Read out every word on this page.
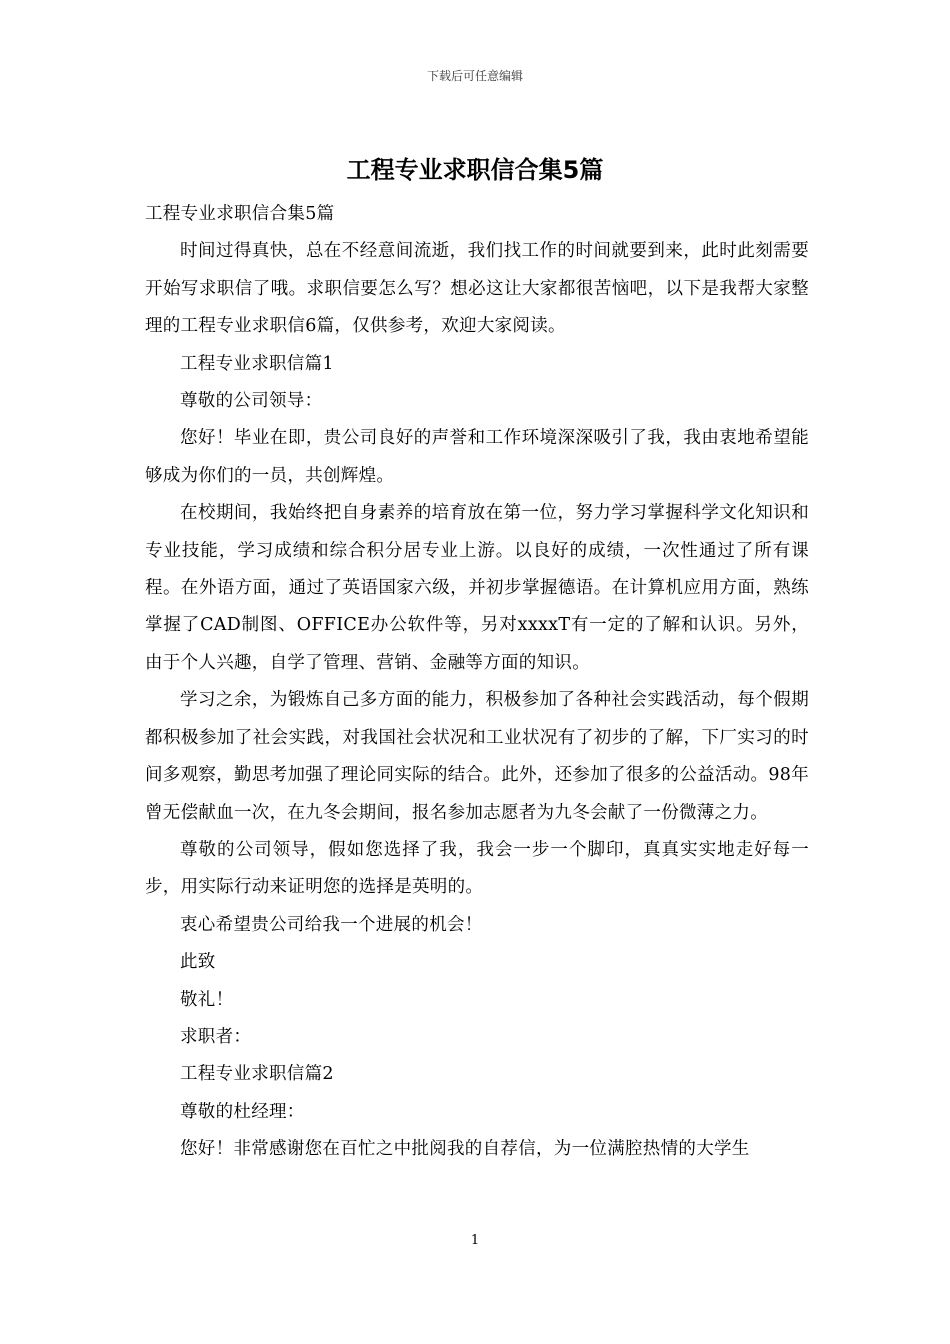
下载后可任意编辑
工程专业求职信合集5篇

工程专业求职信合集5篇

时间过得真快，总在不经意间流逝，我们找工作的时间就要到来，此时此刻需要开始写求职信了哦。求职信要怎么写？想必这让大家都很苦恼吧，以下是我帮大家整理的工程专业求职信6篇，仅供参考，欢迎大家阅读。

工程专业求职信篇1

尊敬的公司领导：

您好！毕业在即，贵公司良好的声誉和工作环境深深吸引了我，我由衷地希望能够成为你们的一员，共创辉煌。

在校期间，我始终把自身素养的培育放在第一位，努力学习掌握科学文化知识和专业技能，学习成绩和综合积分居专业上游。以良好的成绩，一次性通过了所有课程。在外语方面，通过了英语国家六级，并初步掌握德语。在计算机应用方面，熟练掌握了CAD制图、OFFICE办公软件等，另对xxxxT有一定的了解和认识。另外，由于个人兴趣，自学了管理、营销、金融等方面的知识。

学习之余，为锻炼自己多方面的能力，积极参加了各种社会实践活动，每个假期都积极参加了社会实践，对我国社会状况和工业状况有了初步的了解，下厂实习的时间多观察，勤思考加强了理论同实际的结合。此外，还参加了很多的公益活动。98年曾无偿献血一次，在九冬会期间，报名参加志愿者为九冬会献了一份微薄之力。

尊敬的公司领导，假如您选择了我，我会一步一个脚印，真真实实地走好每一步，用实际行动来证明您的选择是英明的。

衷心希望贵公司给我一个进展的机会！

此致

敬礼！

求职者：

工程专业求职信篇2

尊敬的杜经理：

您好！非常感谢您在百忙之中批阅我的自荐信，为一位满腔热情的大学生

1
